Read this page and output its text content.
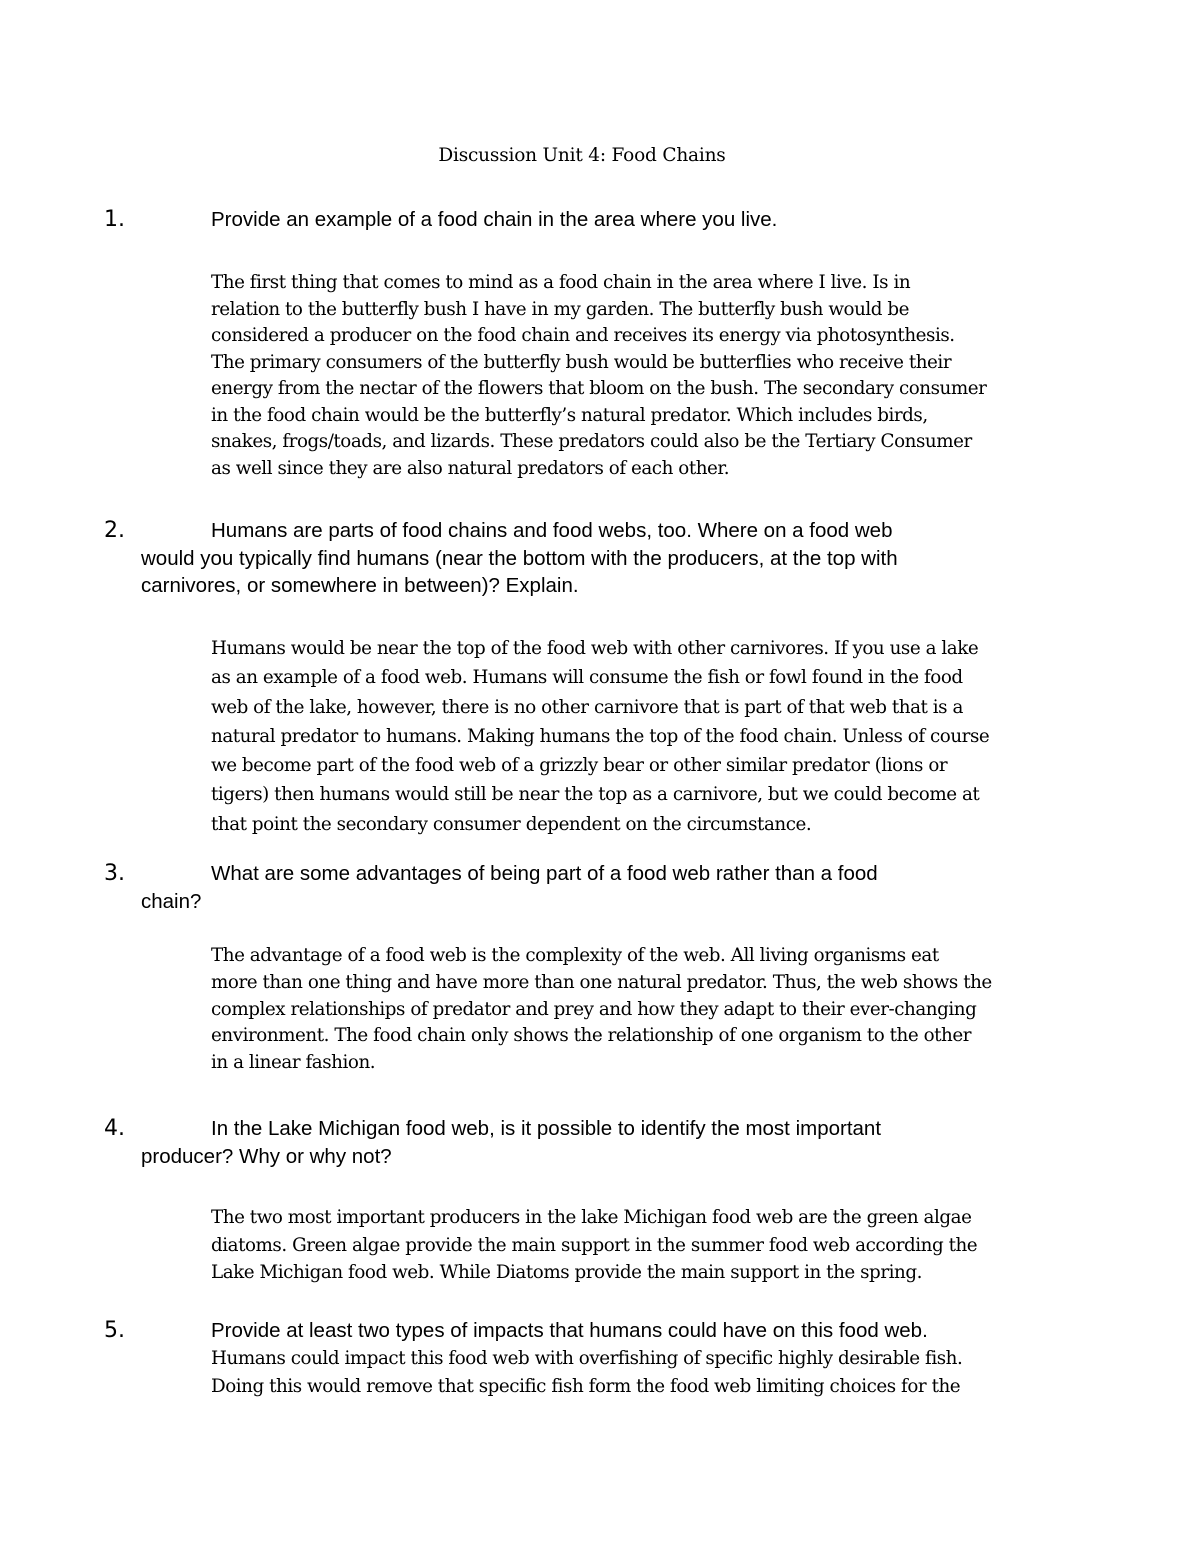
Discussion Unit 4: Food Chains
1.	Provide an example of a food chain in the area where you live.
The first thing that comes to mind as a food chain in the area where I live. Is in
relation to the butterfly bush I have in my garden. The butterfly bush would be
considered a producer on the food chain and receives its energy via photosynthesis.
The primary consumers of the butterfly bush would be butterflies who receive their
energy from the nectar of the flowers that bloom on the bush. The secondary consumer
in the food chain would be the butterfly’s natural predator. Which includes birds,
snakes, frogs/toads, and lizards. These predators could also be the Tertiary Consumer
as well since they are also natural predators of each other.
2.	Humans are parts of food chains and food webs, too. Where on a food web
would you typically find humans (near the bottom with the producers, at the top with
carnivores, or somewhere in between)? Explain.
Humans would be near the top of the food web with other carnivores. If you use a lake
as an example of a food web. Humans will consume the fish or fowl found in the food
web of the lake, however, there is no other carnivore that is part of that web that is a
natural predator to humans. Making humans the top of the food chain. Unless of course
we become part of the food web of a grizzly bear or other similar predator (lions or
tigers) then humans would still be near the top as a carnivore, but we could become at
that point the secondary consumer dependent on the circumstance.
3.	What are some advantages of being part of a food web rather than a food
chain?
The advantage of a food web is the complexity of the web. All living organisms eat
more than one thing and have more than one natural predator. Thus, the web shows the
complex relationships of predator and prey and how they adapt to their ever-changing
environment. The food chain only shows the relationship of one organism to the other
in a linear fashion.
4.	In the Lake Michigan food web, is it possible to identify the most important
producer? Why or why not?
The two most important producers in the lake Michigan food web are the green algae
diatoms. Green algae provide the main support in the summer food web according the
Lake Michigan food web. While Diatoms provide the main support in the spring.
5.	Provide at least two types of impacts that humans could have on this food web.
Humans could impact this food web with overfishing of specific highly desirable fish.
Doing this would remove that specific fish form the food web limiting choices for the
